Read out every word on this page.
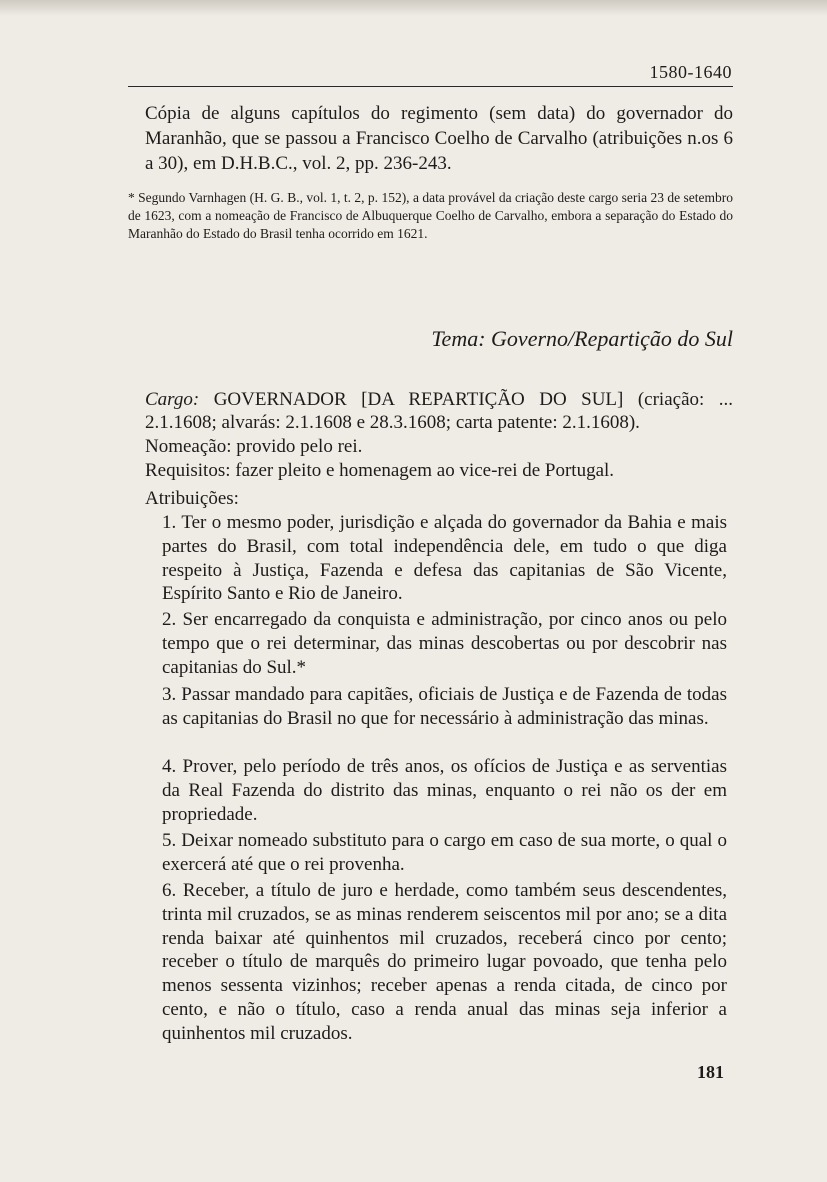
1580-1640

Cópia de alguns capítulos do regimento (sem data) do governador do Maranhão, que se passou a Francisco Coelho de Carvalho (atribuições n.os 6 a 30), em D.H.B.C., vol. 2, pp. 236-243.

* Segundo Varnhagen (H. G. B., vol. 1, t. 2, p. 152), a data provável da criação deste cargo seria 23 de setembro de 1623, com a nomeação de Francisco de Albuquerque Coelho de Carvalho, embora a separação do Estado do Maranhão do Estado do Brasil tenha ocorrido em 1621.

Tema: Governo/Repartição do Sul

Cargo: GOVERNADOR [DA REPARTIÇÃO DO SUL] (criação: ... 2.1.1608; alvarás: 2.1.1608 e 28.3.1608; carta patente: 2.1.1608).

Nomeação: provido pelo rei.
Requisitos: fazer pleito e homenagem ao vice-rei de Portugal.
Atribuições:

1. Ter o mesmo poder, jurisdição e alçada do governador da Bahia e mais partes do Brasil, com total independência dele, em tudo o que diga respeito à Justiça, Fazenda e defesa das capitanias de São Vicente, Espírito Santo e Rio de Janeiro.

2. Ser encarregado da conquista e administração, por cinco anos ou pelo tempo que o rei determinar, das minas descobertas ou por descobrir nas capitanias do Sul.*

3. Passar mandado para capitães, oficiais de Justiça e de Fazenda de todas as capitanias do Brasil no que for necessário à administração das minas.

4. Prover, pelo período de três anos, os ofícios de Justiça e as serventias da Real Fazenda do distrito das minas, enquanto o rei não os der em propriedade.

5. Deixar nomeado substituto para o cargo em caso de sua morte, o qual o exercerá até que o rei provenha.

6. Receber, a título de juro e herdade, como também seus descendentes, trinta mil cruzados, se as minas renderem seiscentos mil por ano; se a dita renda baixar até quinhentos mil cruzados, receberá cinco por cento; receber o título de marquês do primeiro lugar povoado, que tenha pelo menos sessenta vizinhos; receber apenas a renda citada, de cinco por cento, e não o título, caso a renda anual das minas seja inferior a quinhentos mil cruzados.

181
